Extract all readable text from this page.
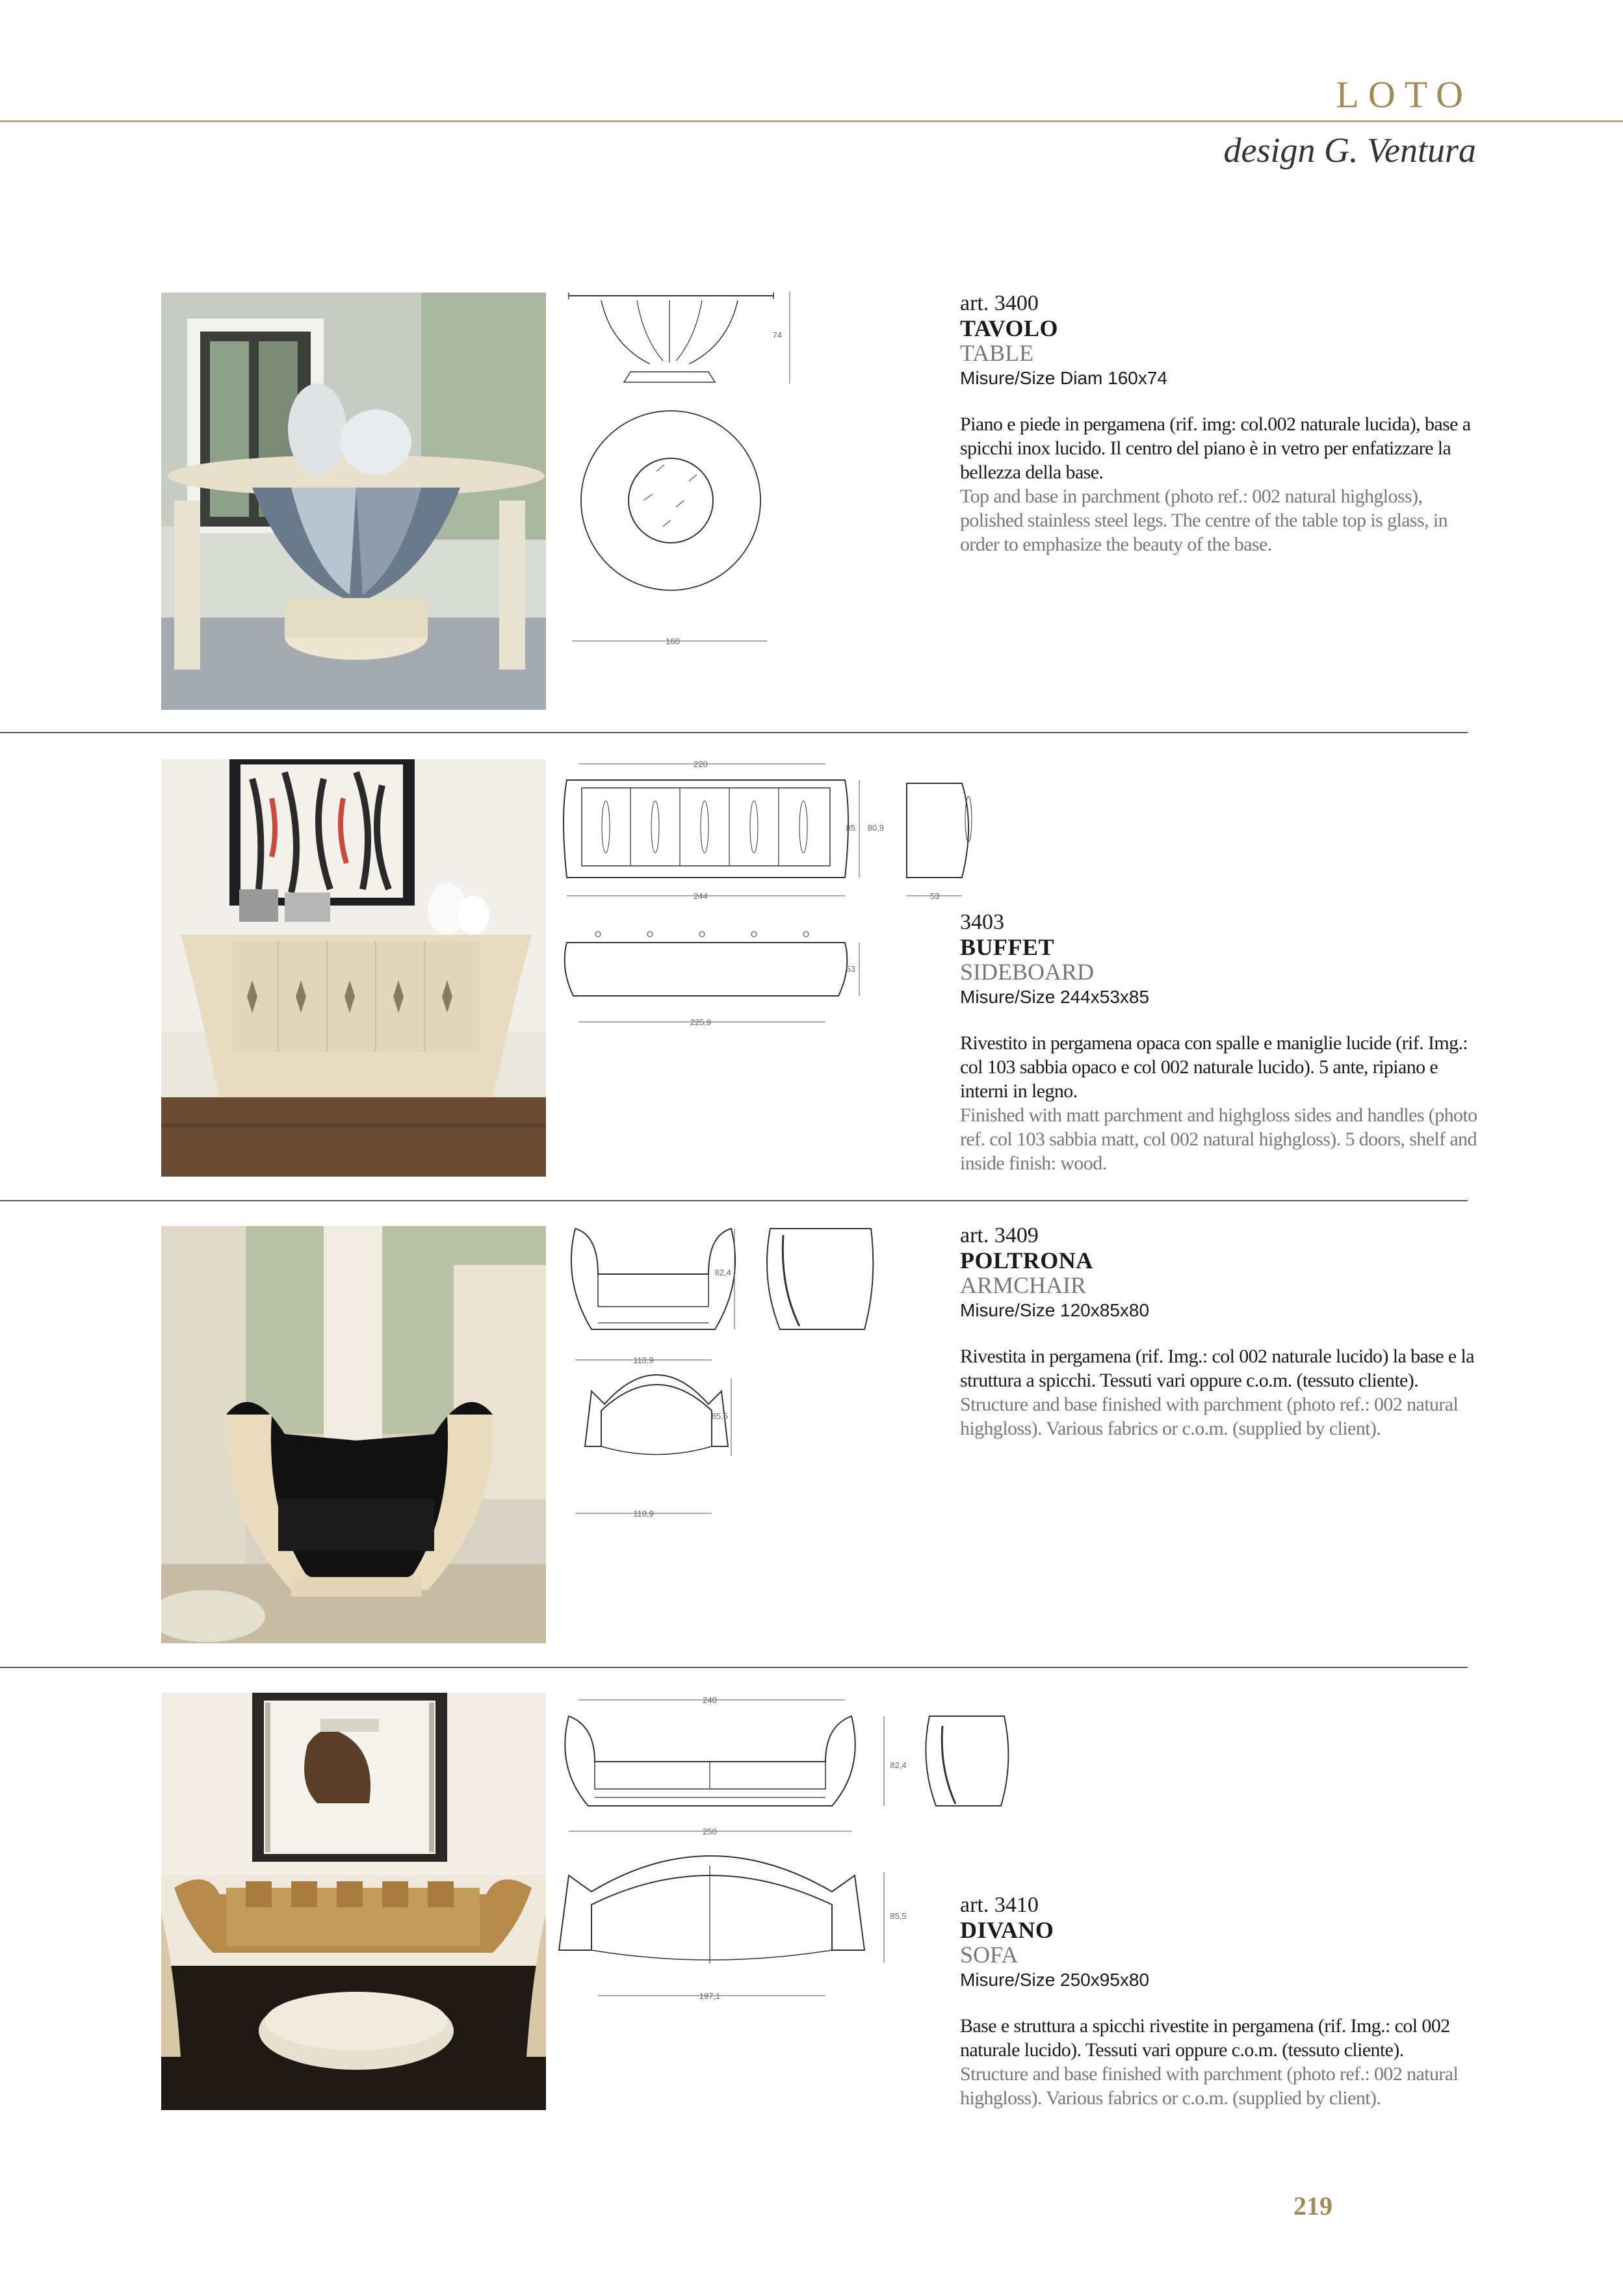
LOTO
design G. Ventura
74
160
art. 3400
TAVOLO
TABLE
Misure/Size Diam 160x74
Piano e piede in pergamena (rif. img: col.002 naturale lucida), base a spicchi inox lucido. Il centro del piano è in vetro per enfatizzare la bellezza della base.
Top and base in parchment (photo ref.: 002 natural highgloss), polished stainless steel legs. The centre of the table top is glass, in order to emphasize the beauty of the base.
220
85 80,9
244	53
53
225,9
3403
BUFFET
SIDEBOARD
Misure/Size 244x53x85
Rivestito in pergamena opaca con spalle e maniglie lucide (rif. Img.: col 103 sabbia opaco e col 002 naturale lucido). 5 ante, ripiano e interni in legno.
Finished with matt parchment and highgloss sides and handles (photo ref. col 103 sabbia matt, col 002 natural highgloss). 5 doors, shelf and inside finish: wood.
82,4
118,9
85,5
118,9
art. 3409
POLTRONA
ARMCHAIR
Misure/Size 120x85x80
Rivestita in pergamena (rif. Img.: col 002 naturale lucido) la base e la struttura a spicchi. Tessuti vari oppure c.o.m. (tessuto cliente).
Structure and base finished with parchment (photo ref.: 002 natural highgloss). Various fabrics or c.o.m. (supplied by client).
240
82,4
250
85,5
197,1
art. 3410
DIVANO
SOFA
Misure/Size 250x95x80
Base e struttura a spicchi rivestite in pergamena (rif. Img.: col 002 naturale lucido). Tessuti vari oppure c.o.m. (tessuto cliente).
Structure and base finished with parchment (photo ref.: 002 natural highgloss). Various fabrics or c.o.m. (supplied by client).
219
